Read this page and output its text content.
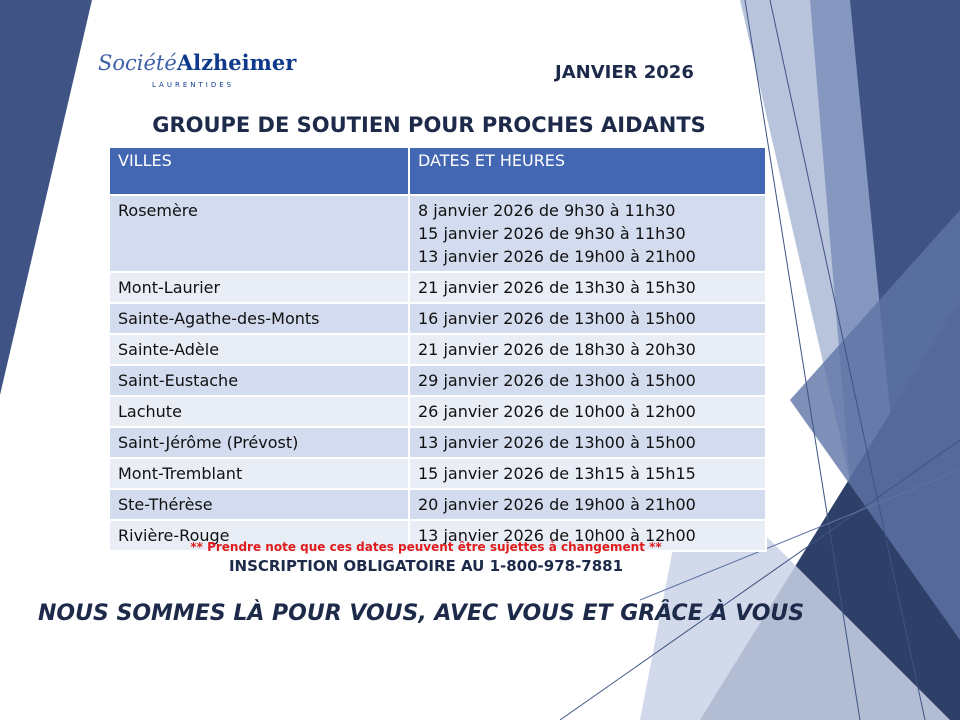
SociétéAlzheimer
LAURENTIDES
JANVIER 2026
GROUPE DE SOUTIEN POUR PROCHES AIDANTS
VILLES	DATES ET HEURES
Rosemère	8 janvier 2026 de 9h30 à 11h30
15 janvier 2026 de 9h30 à 11h30
13 janvier 2026 de 19h00 à 21h00
Mont-Laurier	21 janvier 2026 de 13h30 à 15h30
Sainte-Agathe-des-Monts	16 janvier 2026 de 13h00 à 15h00
Sainte-Adèle	21 janvier 2026 de 18h30 à 20h30
Saint-Eustache	29 janvier 2026 de 13h00 à 15h00
Lachute	26 janvier 2026 de 10h00 à 12h00
Saint-Jérôme (Prévost)	13 janvier 2026 de 13h00 à 15h00
Mont-Tremblant	15 janvier 2026 de 13h15 à 15h15
Ste-Thérèse	20 janvier 2026 de 19h00 à 21h00
Rivière-Rouge	13 janvier 2026 de 10h00 à 12h00
** Prendre note que ces dates peuvent être sujettes à changement **
INSCRIPTION OBLIGATOIRE AU 1-800-978-7881
NOUS SOMMES LÀ POUR VOUS, AVEC VOUS ET GRÂCE À VOUS
